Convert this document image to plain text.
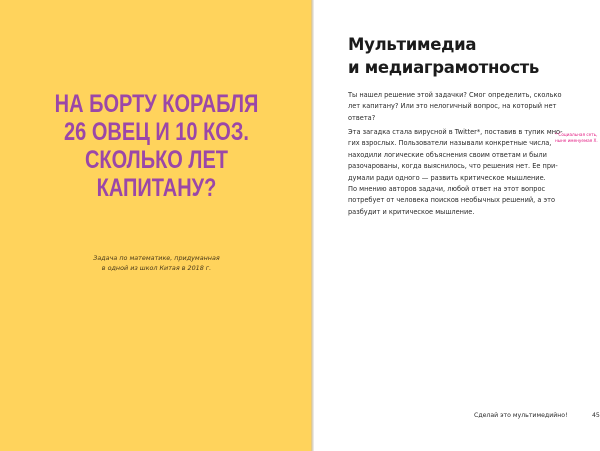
НА БОРТУ КОРАБЛЯ
26 ОВЕЦ И 10 КОЗ.
СКОЛЬКО ЛЕТ
КАПИТАНУ?
Задача по математике, придуманная
в одной из школ Китая в 2018 г.
Мультимедиа
и медиаграмотность
Ты нашел решение этой задачки? Смог определить, сколько
лет капитану? Или это нелогичный вопрос, на который нет
ответа?
Эта загадка стала вирусной в Twitter*, поставив в тупик мно-
гих взрослых. Пользователи называли конкретные числа,
находили логические объяснения своим ответам и были
разочарованы, когда выяснилось, что решения нет. Ее при-
думали ради одного — развить критическое мышление.
По мнению авторов задачи, любой ответ на этот вопрос
потребует от человека поисков необычных решений, а это
разбудит и критическое мышление.
* Социальная сеть,
ныне именуемая X.
Сделай это мультимедийно!	45
